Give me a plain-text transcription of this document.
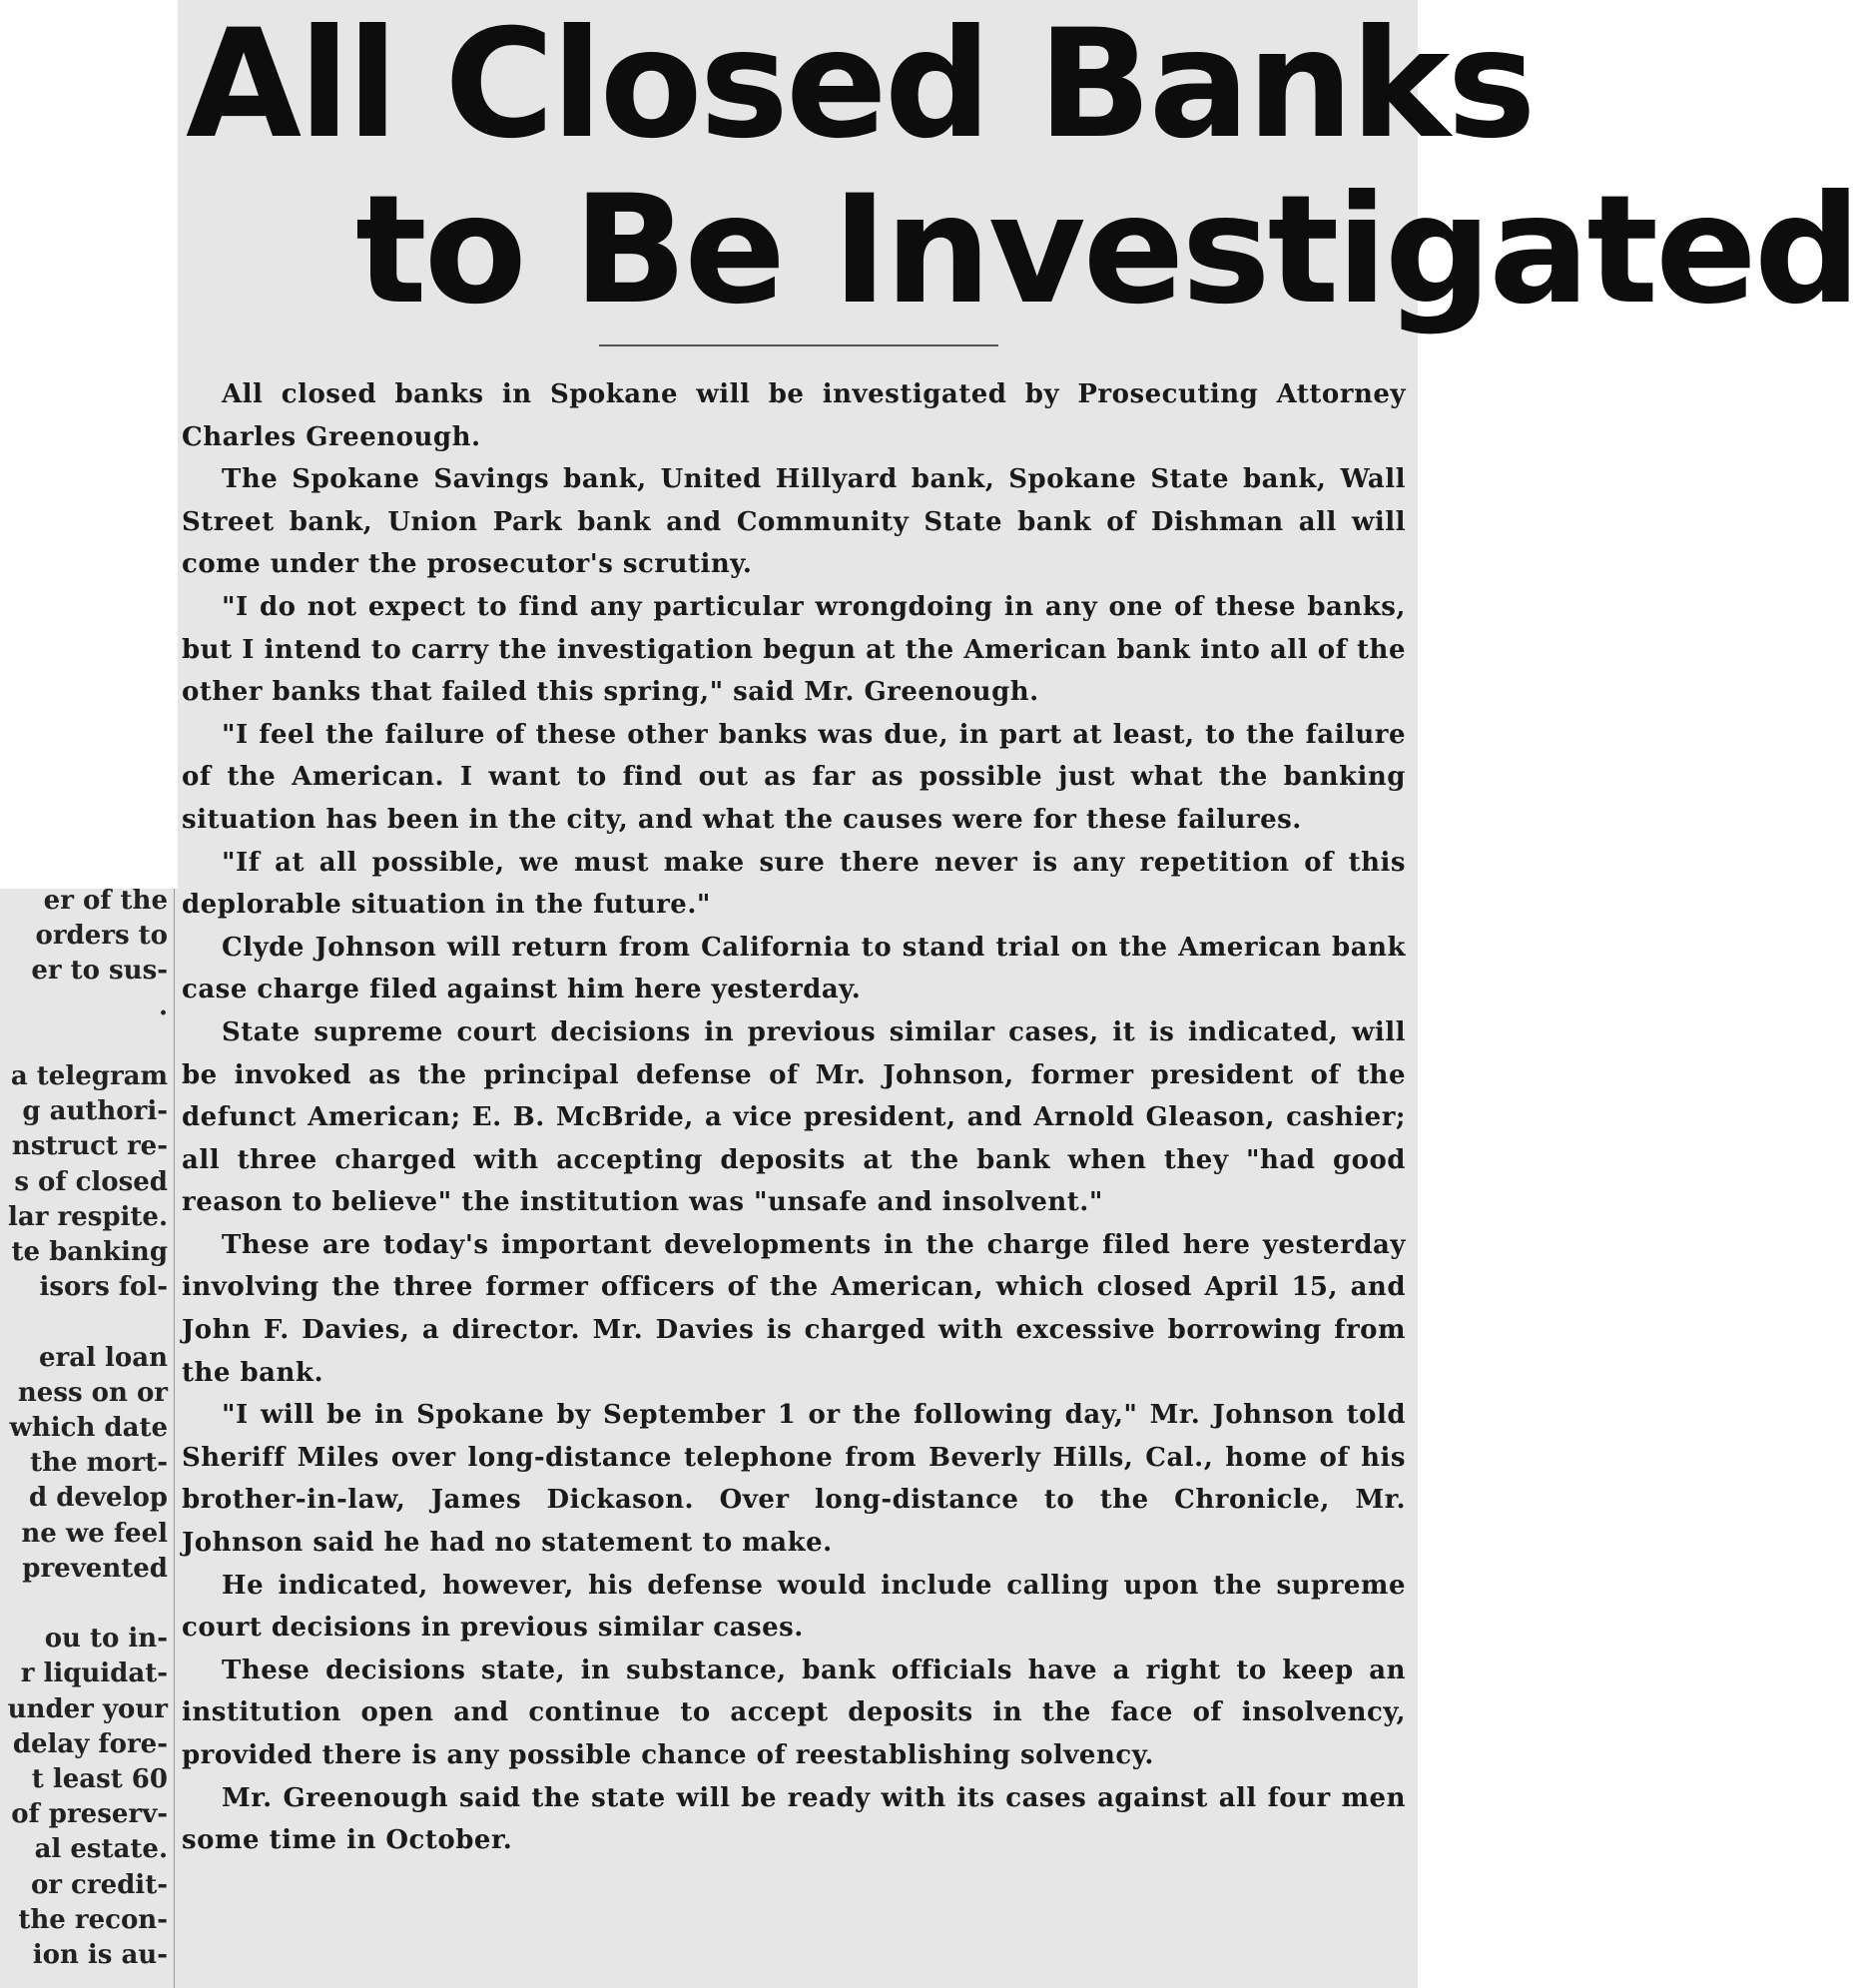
All Closed Banks
to Be Investigated

All closed banks in Spokane will be investigated by Prosecuting Attorney Charles Greenough.

The Spokane Savings bank, United Hillyard bank, Spokane State bank, Wall Street bank, Union Park bank and Community State bank of Dishman all will come under the prosecutor's scrutiny.

"I do not expect to find any particular wrongdoing in any one of these banks, but I intend to carry the investigation begun at the American bank into all of the other banks that failed this spring," said Mr. Greenough.

"I feel the failure of these other banks was due, in part at least, to the failure of the American. I want to find out as far as possible just what the banking situation has been in the city, and what the causes were for these failures.

"If at all possible, we must make sure there never is any repetition of this deplorable situation in the future."

Clyde Johnson will return from California to stand trial on the American bank case charge filed against him here yesterday.

State supreme court decisions in previous similar cases, it is indicated, will be invoked as the principal defense of Mr. Johnson, former president of the defunct American; E. B. McBride, a vice president, and Arnold Gleason, cashier; all three charged with accepting deposits at the bank when they "had good reason to believe" the institution was "unsafe and insolvent."

These are today's important developments in the charge filed here yesterday involving the three former officers of the American, which closed April 15, and John F. Davies, a director. Mr. Davies is charged with excessive borrowing from the bank.

"I will be in Spokane by September 1 or the following day," Mr. Johnson told Sheriff Miles over long-distance telephone from Beverly Hills, Cal., home of his brother-in-law, James Dickason. Over long-distance to the Chronicle, Mr. Johnson said he had no statement to make.

He indicated, however, his defense would include calling upon the supreme court decisions in previous similar cases.

These decisions state, in substance, bank officials have a right to keep an institution open and continue to accept deposits in the face of insolvency, provided there is any possible chance of reestablishing solvency.

Mr. Greenough said the state will be ready with its cases against all four men some time in October.

er of the
orders to
er to sus-
.

a telegram
g authori-
nstruct re-
s of closed
lar respite.
te banking
isors fol-

eral loan
ness on or
which date
the mort-
d develop
ne we feel
prevented

ou to in-
r liquidat-
under your
delay fore-
t least 60
of preserv-
al estate.
or credit-
the recon-
ion is au-
